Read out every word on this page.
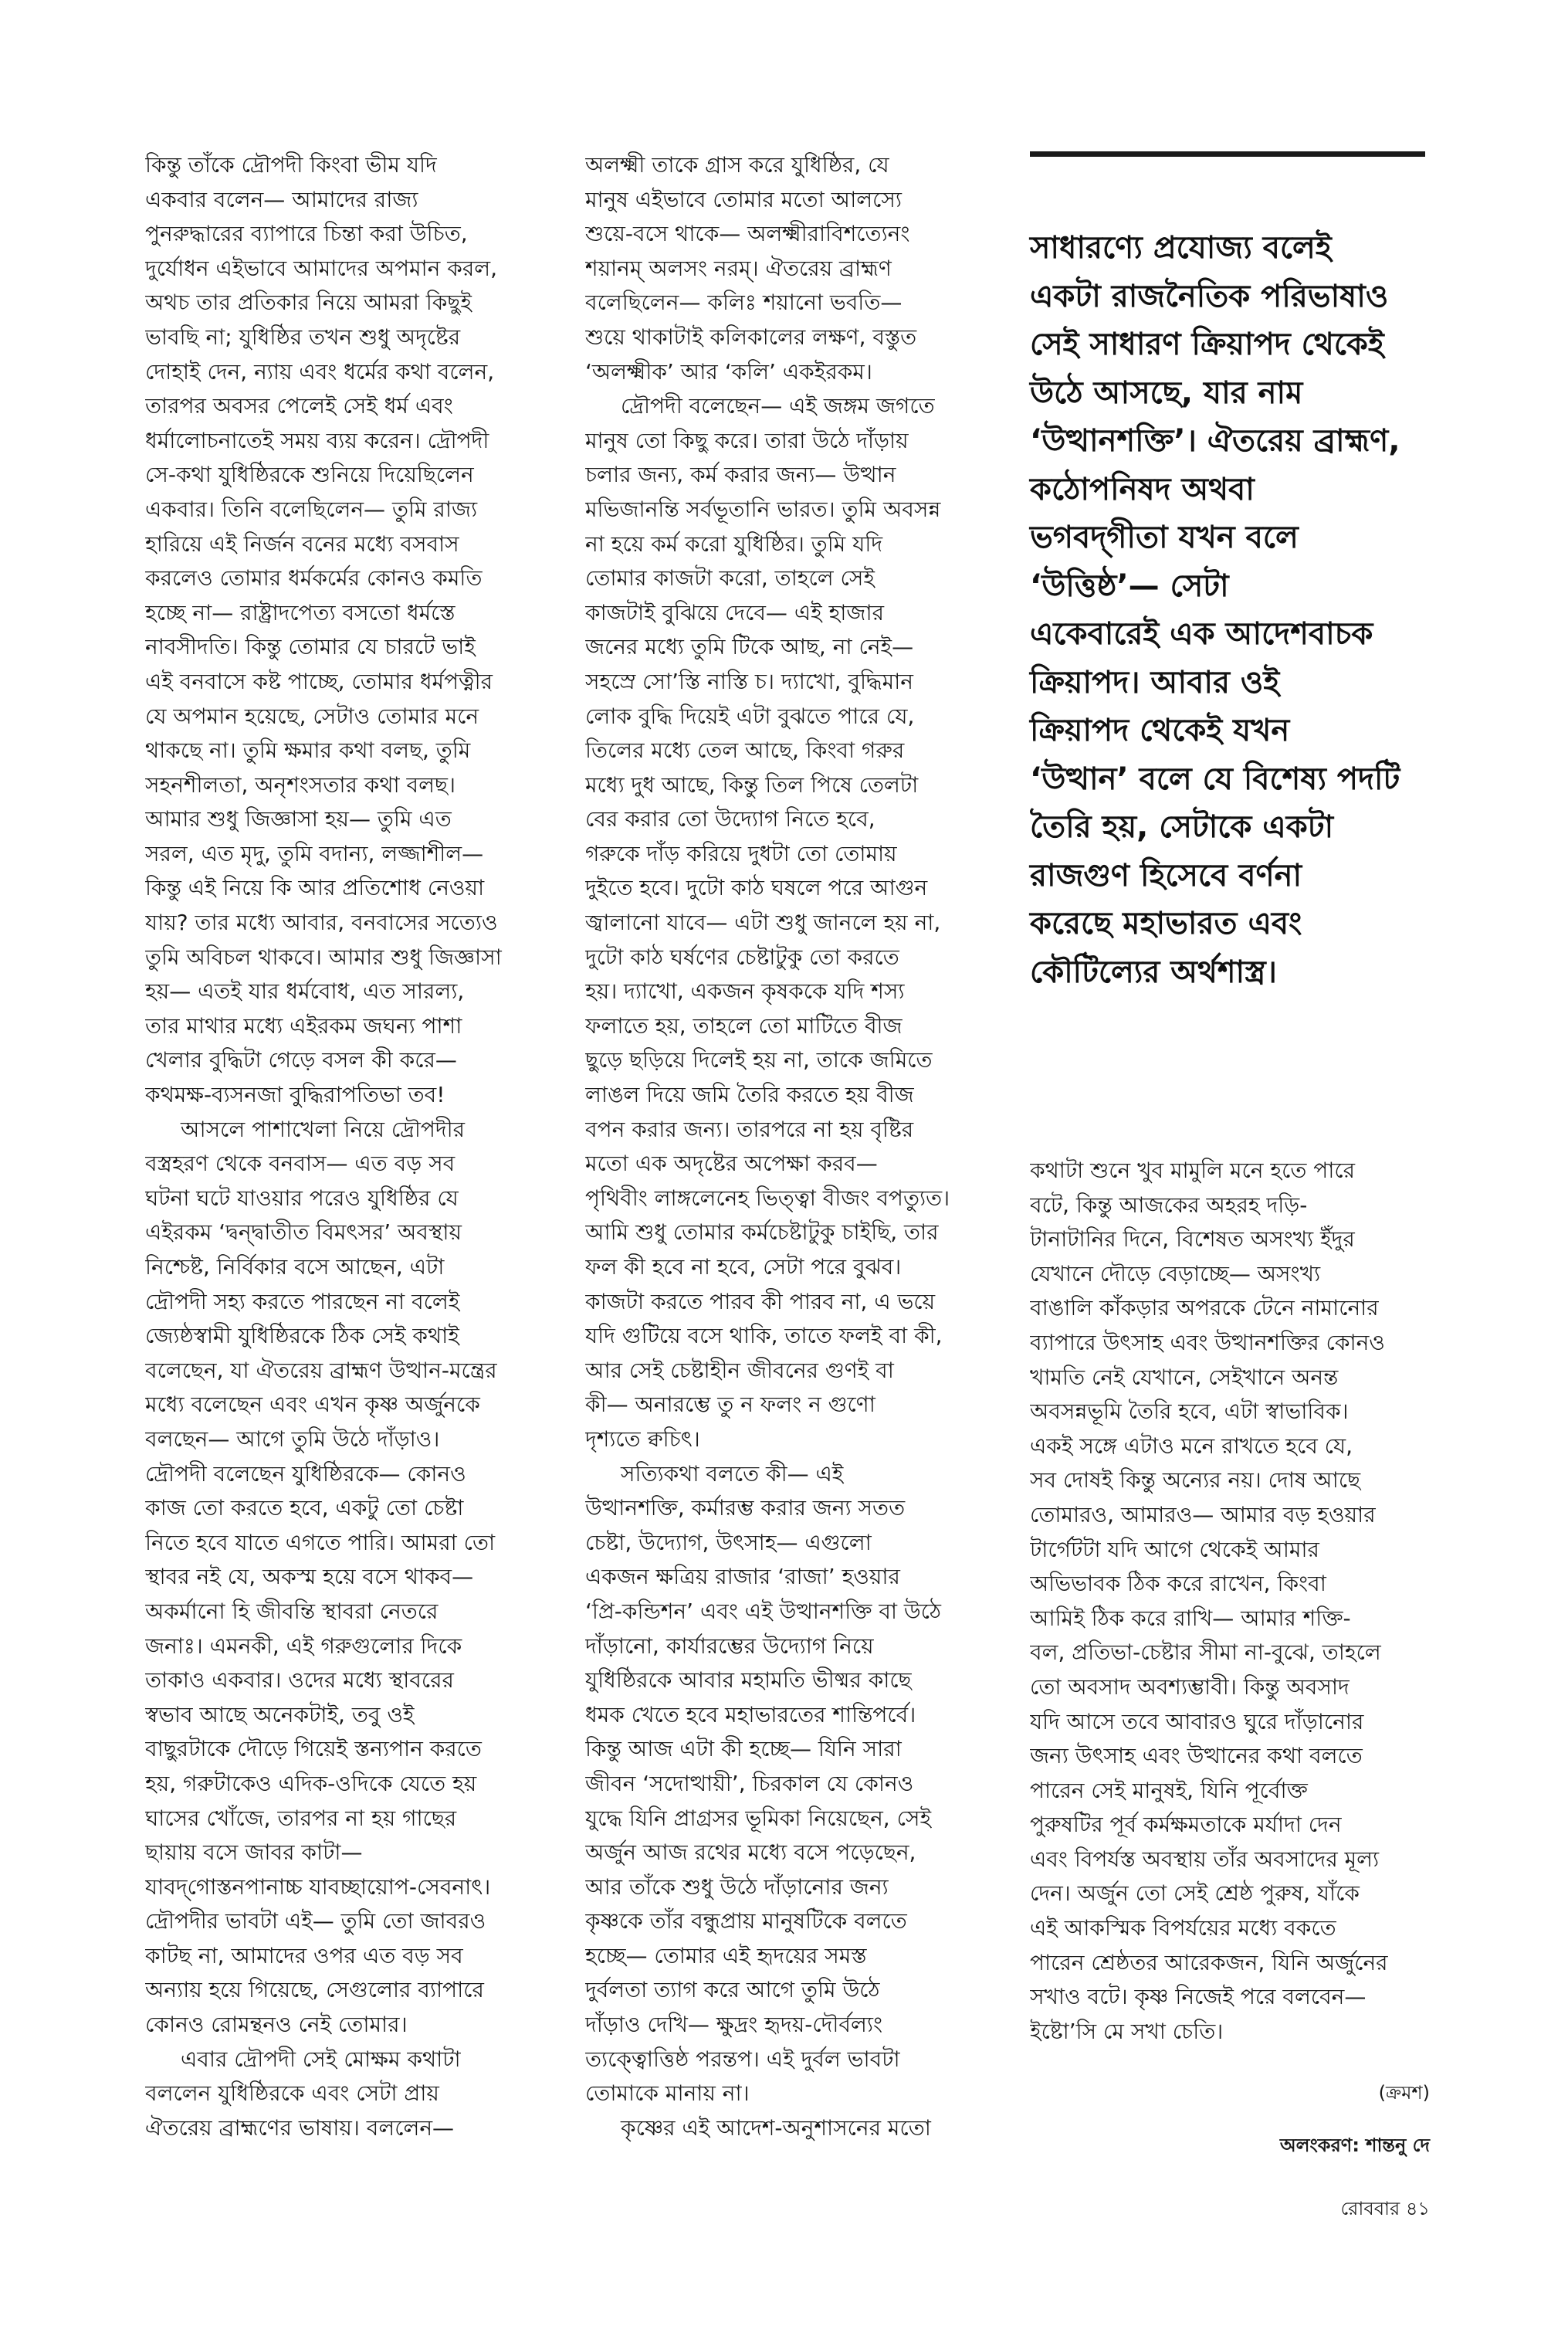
কিন্তু তাঁকে দ্রৌপদী কিংবা ভীম যদি
একবার বলেন— আমাদের রাজ্য
পুনরুদ্ধারের ব্যাপারে চিন্তা করা উচিত,
দুর্যোধন এইভাবে আমাদের অপমান করল,
অথচ তার প্রতিকার নিয়ে আমরা কিছুই
ভাবছি না; যুধিষ্ঠির তখন শুধু অদৃষ্টের
দোহাই দেন, ন্যায় এবং ধর্মের কথা বলেন,
তারপর অবসর পেলেই সেই ধর্ম এবং
ধর্মালোচনাতেই সময় ব্যয় করেন। দ্রৌপদী
সে-কথা যুধিষ্ঠিরকে শুনিয়ে দিয়েছিলেন
একবার। তিনি বলেছিলেন— তুমি রাজ্য
হারিয়ে এই নির্জন বনের মধ্যে বসবাস
করলেও তোমার ধর্মকর্মের কোনও কমতি
হচ্ছে না— রাষ্ট্রাদপেত্য বসতো ধর্মস্তে
নাবসীদতি। কিন্তু তোমার যে চারটে ভাই
এই বনবাসে কষ্ট পাচ্ছে, তোমার ধর্মপত্নীর
যে অপমান হয়েছে, সেটাও তোমার মনে
থাকছে না। তুমি ক্ষমার কথা বলছ, তুমি
সহনশীলতা, অনৃশংসতার কথা বলছ।
আমার শুধু জিজ্ঞাসা হয়— তুমি এত
সরল, এত মৃদু, তুমি বদান্য, লজ্জাশীল—
কিন্তু এই নিয়ে কি আর প্রতিশোধ নেওয়া
যায়? তার মধ্যে আবার, বনবাসের সত্যেও
তুমি অবিচল থাকবে। আমার শুধু জিজ্ঞাসা
হয়— এতই যার ধর্মবোধ, এত সারল্য,
তার মাথার মধ্যে এইরকম জঘন্য পাশা
খেলার বুদ্ধিটা গেড়ে বসল কী করে—
কথমক্ষ-ব্যসনজা বুদ্ধিরাপতিভা তব!
আসলে পাশাখেলা নিয়ে দ্রৌপদীর
বস্ত্রহরণ থেকে বনবাস— এত বড় সব
ঘটনা ঘটে যাওয়ার পরেও যুধিষ্ঠির যে
এইরকম ‘দ্বন্দ্বাতীত বিমৎসর’ অবস্থায়
নিশ্চেষ্ট, নির্বিকার বসে আছেন, এটা
দ্রৌপদী সহ্য করতে পারছেন না বলেই
জ্যেষ্ঠস্বামী যুধিষ্ঠিরকে ঠিক সেই কথাই
বলেছেন, যা ঐতরেয় ব্রাহ্মণ উত্থান-মন্ত্রের
মধ্যে বলেছেন এবং এখন কৃষ্ণ অর্জুনকে
বলছেন— আগে তুমি উঠে দাঁড়াও।
দ্রৌপদী বলেছেন যুধিষ্ঠিরকে— কোনও
কাজ তো করতে হবে, একটু তো চেষ্টা
নিতে হবে যাতে এগতে পারি। আমরা তো
স্থাবর নই যে, অকস্ম হয়ে বসে থাকব—
অকর্মানো হি জীবন্তি স্থাবরা নেতরে
জনাঃ। এমনকী, এই গরুগুলোর দিকে
তাকাও একবার। ওদের মধ্যে স্থাবরের
স্বভাব আছে অনেকটাই, তবু ওই
বাছুরটাকে দৌড়ে গিয়েই স্তন্যপান করতে
হয়, গরুটাকেও এদিক-ওদিকে যেতে হয়
ঘাসের খোঁজে, তারপর না হয় গাছের
ছায়ায় বসে জাবর কাটা—
যাবদ্‌গোস্তনপানাচ্চ যাবচ্ছায়োপ-সেবনাৎ।
দ্রৌপদীর ভাবটা এই— তুমি তো জাবরও
কাটছ না, আমাদের ওপর এত বড় সব
অন্যায় হয়ে গিয়েছে, সেগুলোর ব্যাপারে
কোনও রোমন্থনও নেই তোমার।
এবার দ্রৌপদী সেই মোক্ষম কথাটা
বললেন যুধিষ্ঠিরকে এবং সেটা প্রায়
ঐতরেয় ব্রাহ্মণের ভাষায়। বললেন—
অলক্ষ্মী তাকে গ্রাস করে যুধিষ্ঠির, যে
মানুষ এইভাবে তোমার মতো আলস্যে
শুয়ে-বসে থাকে— অলক্ষ্মীরাবিশত্যেনং
শয়ানম্ অলসং নরম্। ঐতরেয় ব্রাহ্মণ
বলেছিলেন— কলিঃ শয়ানো ভবতি—
শুয়ে থাকাটাই কলিকালের লক্ষণ, বস্তুত
‘অলক্ষ্মীক’ আর ‘কলি’ একইরকম।
দ্রৌপদী বলেছেন— এই জঙ্গম জগতে
মানুষ তো কিছু করে। তারা উঠে দাঁড়ায়
চলার জন্য, কর্ম করার জন্য— উত্থান
মভিজানন্তি সর্বভূতানি ভারত। তুমি অবসন্ন
না হয়ে কর্ম করো যুধিষ্ঠির। তুমি যদি
তোমার কাজটা করো, তাহলে সেই
কাজটাই বুঝিয়ে দেবে— এই হাজার
জনের মধ্যে তুমি টিকে আছ, না নেই—
সহস্রে সো’স্তি নাস্তি চ। দ্যাখো, বুদ্ধিমান
লোক বুদ্ধি দিয়েই এটা বুঝতে পারে যে,
তিলের মধ্যে তেল আছে, কিংবা গরুর
মধ্যে দুধ আছে, কিন্তু তিল পিষে তেলটা
বের করার তো উদ্যোগ নিতে হবে,
গরুকে দাঁড় করিয়ে দুধটা তো তোমায়
দুইতে হবে। দুটো কাঠ ঘষলে পরে আগুন
জ্বালানো যাবে— এটা শুধু জানলে হয় না,
দুটো কাঠ ঘর্ষণের চেষ্টাটুকু তো করতে
হয়। দ্যাখো, একজন কৃষককে যদি শস্য
ফলাতে হয়, তাহলে তো মাটিতে বীজ
ছুড়ে ছড়িয়ে দিলেই হয় না, তাকে জমিতে
লাঙল দিয়ে জমি তৈরি করতে হয় বীজ
বপন করার জন্য। তারপরে না হয় বৃষ্টির
মতো এক অদৃষ্টের অপেক্ষা করব—
পৃথিবীং লাঙ্গলেনেহ ভিত্ত্বা বীজং বপত্যুত।
আমি শুধু তোমার কর্মচেষ্টাটুকু চাইছি, তার
ফল কী হবে না হবে, সেটা পরে বুঝব।
কাজটা করতে পারব কী পারব না, এ ভয়ে
যদি গুটিয়ে বসে থাকি, তাতে ফলই বা কী,
আর সেই চেষ্টাহীন জীবনের গুণই বা
কী— অনারম্ভে তু ন ফলং ন গুণো
দৃশ্যতে ক্বচিৎ।
সত্যিকথা বলতে কী— এই
উত্থানশক্তি, কর্মারম্ভ করার জন্য সতত
চেষ্টা, উদ্যোগ, উৎসাহ— এগুলো
একজন ক্ষত্রিয় রাজার ‘রাজা’ হওয়ার
‘প্রি-কন্ডিশন’ এবং এই উত্থানশক্তি বা উঠে
দাঁড়ানো, কার্যারম্ভের উদ্যোগ নিয়ে
যুধিষ্ঠিরকে আবার মহামতি ভীষ্মর কাছে
ধমক খেতে হবে মহাভারতের শান্তিপর্বে।
কিন্তু আজ এটা কী হচ্ছে— যিনি সারা
জীবন ‘সদোত্থায়ী’, চিরকাল যে কোনও
যুদ্ধে যিনি প্রাগ্রসর ভূমিকা নিয়েছেন, সেই
অর্জুন আজ রথের মধ্যে বসে পড়েছেন,
আর তাঁকে শুধু উঠে দাঁড়ানোর জন্য
কৃষ্ণকে তাঁর বন্ধুপ্রায় মানুষটিকে বলতে
হচ্ছে— তোমার এই হৃদয়ের সমস্ত
দুর্বলতা ত্যাগ করে আগে তুমি উঠে
দাঁড়াও দেখি— ক্ষুদ্রং হৃদয়-দৌর্বল্যং
ত্যক্ত্বোত্তিষ্ঠ পরন্তপ। এই দুর্বল ভাবটা
তোমাকে মানায় না।
কৃষ্ণের এই আদেশ-অনুশাসনের মতো
সাধারণ্যে প্রযোজ্য বলেই
একটা রাজনৈতিক পরিভাষাও
সেই সাধারণ ক্রিয়াপদ থেকেই
উঠে আসছে, যার নাম
‘উত্থানশক্তি’। ঐতরেয় ব্রাহ্মণ,
কঠোপনিষদ অথবা
ভগবদ্‌গীতা যখন বলে
‘উত্তিষ্ঠ’— সেটা
একেবারেই এক আদেশবাচক
ক্রিয়াপদ। আবার ওই
ক্রিয়াপদ থেকেই যখন
‘উত্থান’ বলে যে বিশেষ্য পদটি
তৈরি হয়, সেটাকে একটা
রাজগুণ হিসেবে বর্ণনা
করেছে মহাভারত এবং
কৌটিল্যের অর্থশাস্ত্র।
কথাটা শুনে খুব মামুলি মনে হতে পারে
বটে, কিন্তু আজকের অহরহ দড়ি-
টানাটানির দিনে, বিশেষত অসংখ্য ইঁদুর
যেখানে দৌড়ে বেড়াচ্ছে— অসংখ্য
বাঙালি কাঁকড়ার অপরকে টেনে নামানোর
ব্যাপারে উৎসাহ এবং উত্থানশক্তির কোনও
খামতি নেই যেখানে, সেইখানে অনন্ত
অবসন্নভূমি তৈরি হবে, এটা স্বাভাবিক।
একই সঙ্গে এটাও মনে রাখতে হবে যে,
সব দোষই কিন্তু অন্যের নয়। দোষ আছে
তোমারও, আমারও— আমার বড় হওয়ার
টার্গেটটা যদি আগে থেকেই আমার
অভিভাবক ঠিক করে রাখেন, কিংবা
আমিই ঠিক করে রাখি— আমার শক্তি-
বল, প্রতিভা-চেষ্টার সীমা না-বুঝে, তাহলে
তো অবসাদ অবশ্যম্ভাবী। কিন্তু অবসাদ
যদি আসে তবে আবারও ঘুরে দাঁড়ানোর
জন্য উৎসাহ এবং উত্থানের কথা বলতে
পারেন সেই মানুষই, যিনি পূর্বোক্ত
পুরুষটির পূর্ব কর্মক্ষমতাকে মর্যাদা দেন
এবং বিপর্যস্ত অবস্থায় তাঁর অবসাদের মূল্য
দেন। অর্জুন তো সেই শ্রেষ্ঠ পুরুষ, যাঁকে
এই আকস্মিক বিপর্যয়ের মধ্যে বকতে
পারেন শ্রেষ্ঠতর আরেকজন, যিনি অর্জুনের
সখাও বটে। কৃষ্ণ নিজেই পরে বলবেন—
ইষ্টো’সি মে সখা চেতি।
(ক্রমশ)
অলংকরণ: শান্তনু দে
রোববার ৪১
